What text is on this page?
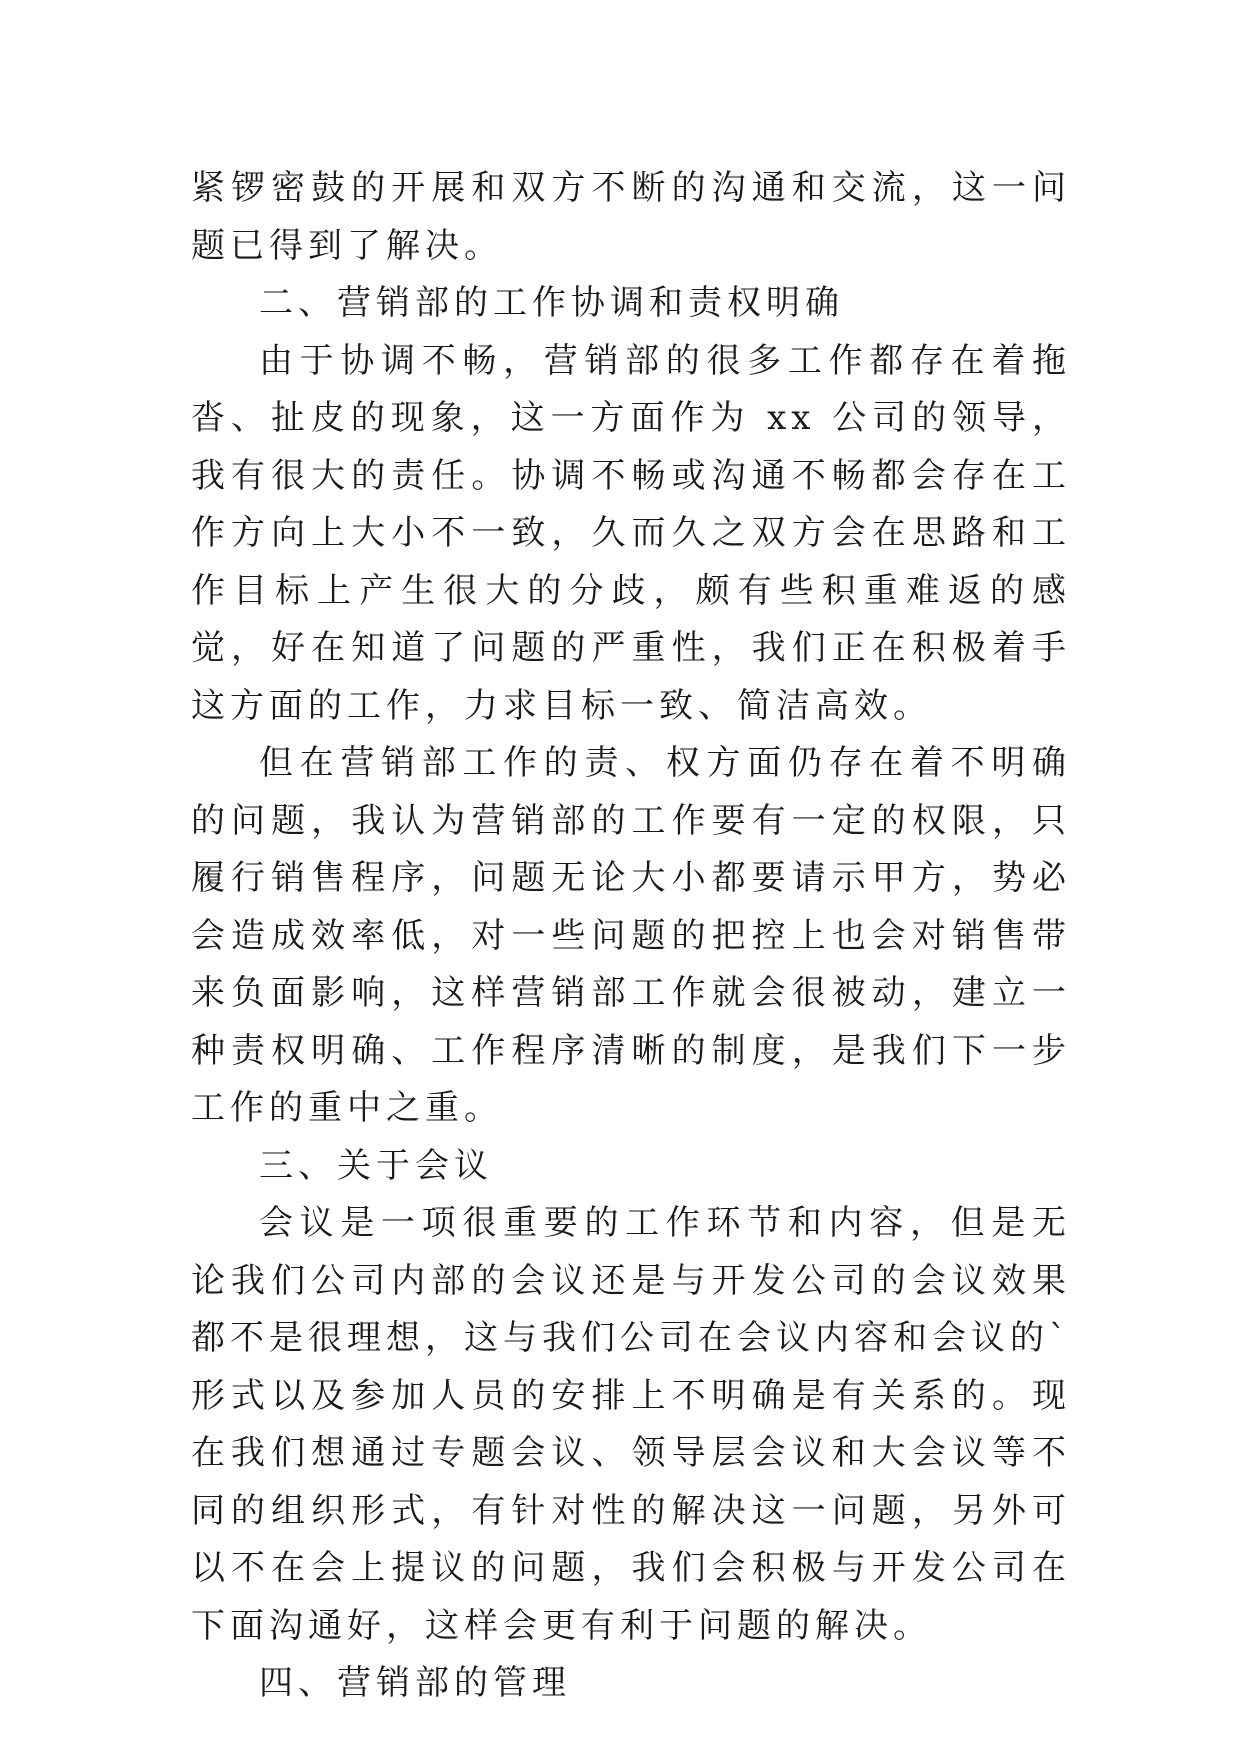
紧锣密鼓的开展和双方不断的沟通和交流，这一问题已得到了解决。

二、营销部的工作协调和责权明确

由于协调不畅，营销部的很多工作都存在着拖沓、扯皮的现象，这一方面作为 xx 公司的领导，我有很大的责任。协调不畅或沟通不畅都会存在工作方向上大小不一致，久而久之双方会在思路和工作目标上产生很大的分歧，颇有些积重难返的感觉，好在知道了问题的严重性，我们正在积极着手这方面的工作，力求目标一致、简洁高效。

但在营销部工作的责、权方面仍存在着不明确的问题，我认为营销部的工作要有一定的权限，只履行销售程序，问题无论大小都要请示甲方，势必会造成效率低，对一些问题的把控上也会对销售带来负面影响，这样营销部工作就会很被动，建立一种责权明确、工作程序清晰的制度，是我们下一步工作的重中之重。

三、关于会议

会议是一项很重要的工作环节和内容，但是无论我们公司内部的会议还是与开发公司的会议效果都不是很理想，这与我们公司在会议内容和会议的`形式以及参加人员的安排上不明确是有关系的。现在我们想通过专题会议、领导层会议和大会议等不同的组织形式，有针对性的解决这一问题，另外可以不在会上提议的问题，我们会积极与开发公司在下面沟通好，这样会更有利于问题的解决。

四、营销部的管理
